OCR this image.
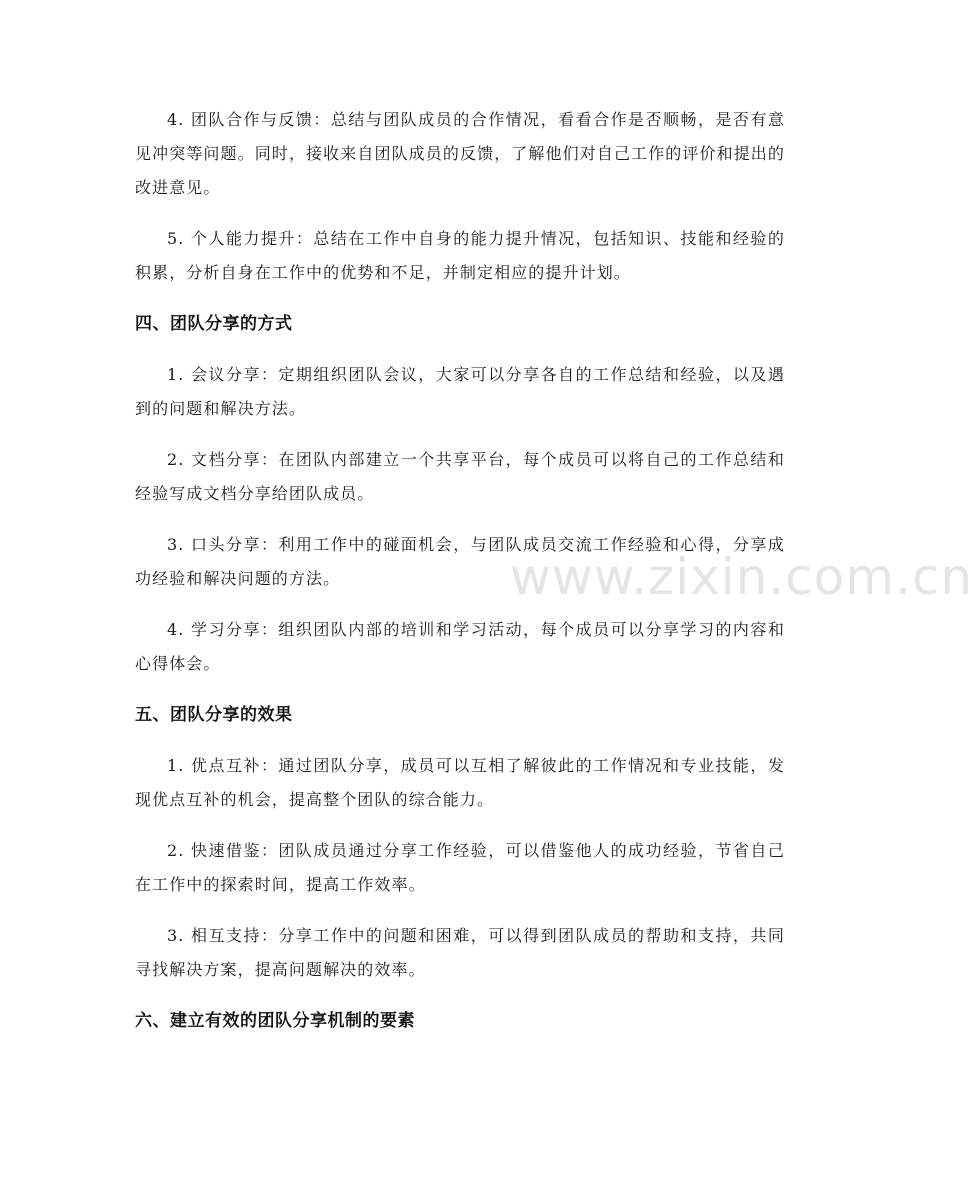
4. 团队合作与反馈：总结与团队成员的合作情况，看看合作是否顺畅，是否有意见冲突等问题。同时，接收来自团队成员的反馈，了解他们对自己工作的评价和提出的改进意见。

5. 个人能力提升：总结在工作中自身的能力提升情况，包括知识、技能和经验的积累，分析自身在工作中的优势和不足，并制定相应的提升计划。

四、团队分享的方式

1. 会议分享：定期组织团队会议，大家可以分享各自的工作总结和经验，以及遇到的问题和解决方法。

2. 文档分享：在团队内部建立一个共享平台，每个成员可以将自己的工作总结和经验写成文档分享给团队成员。

3. 口头分享：利用工作中的碰面机会，与团队成员交流工作经验和心得，分享成功经验和解决问题的方法。

4. 学习分享：组织团队内部的培训和学习活动，每个成员可以分享学习的内容和心得体会。

五、团队分享的效果

1. 优点互补：通过团队分享，成员可以互相了解彼此的工作情况和专业技能，发现优点互补的机会，提高整个团队的综合能力。

2. 快速借鉴：团队成员通过分享工作经验，可以借鉴他人的成功经验，节省自己在工作中的探索时间，提高工作效率。

3. 相互支持：分享工作中的问题和困难，可以得到团队成员的帮助和支持，共同寻找解决方案，提高问题解决的效率。

六、建立有效的团队分享机制的要素
www.zixin.com.cn
